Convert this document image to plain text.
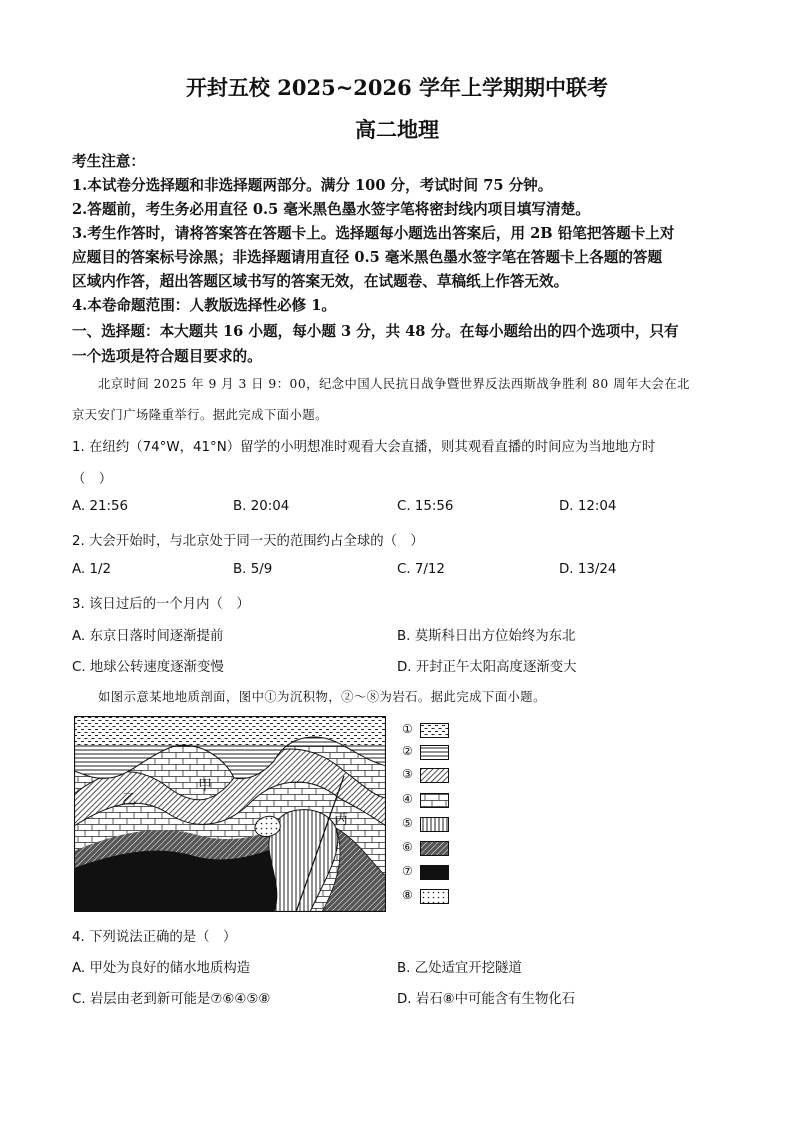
开封五校 2025~2026 学年上学期期中联考
高二地理
考生注意：
1.本试卷分选择题和非选择题两部分。满分 100 分，考试时间 75 分钟。
2.答题前，考生务必用直径 0.5 毫米黑色墨水签字笔将密封线内项目填写清楚。
3.考生作答时，请将答案答在答题卡上。选择题每小题选出答案后，用 2B 铅笔把答题卡上对
应题目的答案标号涂黑；非选择题请用直径 0.5 毫米黑色墨水签字笔在答题卡上各题的答题
区域内作答，超出答题区域书写的答案无效，在试题卷、草稿纸上作答无效。
4.本卷命题范围：人教版选择性必修 1。
一、选择题：本大题共 16 小题，每小题 3 分，共 48 分。在每小题给出的四个选项中，只有
一个选项是符合题目要求的。
北京时间 2025 年 9 月 3 日 9：00，纪念中国人民抗日战争暨世界反法西斯战争胜利 80 周年大会在北
京天安门广场隆重举行。据此完成下面小题。
1. 在纽约（74°W，41°N）留学的小明想准时观看大会直播，则其观看直播的时间应为当地地方时
（　）
A. 21:56	B. 20:04	C. 15:56	D. 12:04
2. 大会开始时，与北京处于同一天的范围约占全球的（　）
A. 1/2	B. 5/9	C. 7/12	D. 13/24
3. 该日过后的一个月内（　）
A. 东京日落时间逐渐提前	B. 莫斯科日出方位始终为东北
C. 地球公转速度逐渐变慢	D. 开封正午太阳高度逐渐变大
如图示意某地地质剖面，图中①为沉积物，②～⑧为岩石。据此完成下面小题。
甲
乙
丙
①
②
③
④
⑤
⑥
⑦
⑧
4. 下列说法正确的是（　）
A. 甲处为良好的储水地质构造	B. 乙处适宜开挖隧道
C. 岩层由老到新可能是⑦⑥④⑤⑧	D. 岩石⑧中可能含有生物化石
